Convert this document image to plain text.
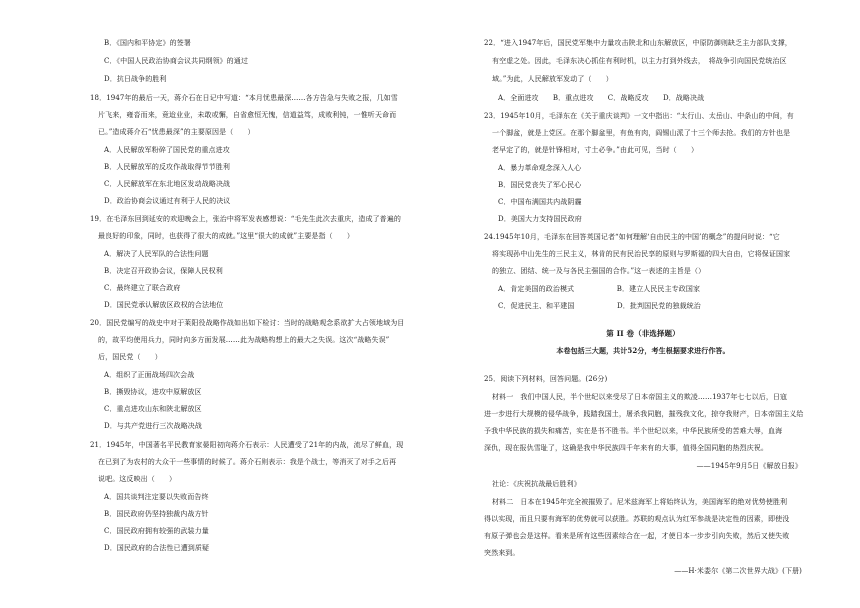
B．《国内和平协定》的签署
C．《中国人民政治协商会议共同纲领》的通过
D．抗日战争的胜利
18．1947年的最后一天，蒋介石在日记中写道：“本月忧患最深……各方告急与失败之报，几如雪
片飞来，雍沓而来，竟迨业业，未敢或懈，自省愈恒无愧，信道益笃，成败利钝，一惟听天命而
已。”造成蒋介石“忧患最深”的主要原因是（　　）
A．人民解放军粉碎了国民党的重点进攻
B．人民解放军的反攻作战取得节节胜利
C．人民解放军在东北地区发动战略决战
D．政治协商会议通过有利于人民的决议
19．在毛泽东回到延安的欢迎晚会上，张治中将军发表感想说：“毛先生此次去重庆，造成了普遍的
最良好的印象，同时，也获得了很大的成就。”这里“很大的成就”主要是指（　　）
A．解决了人民军队的合法性问题
B．决定召开政协会议，保障人民权利
C．最终建立了联合政府
D．国民党承认解放区政权的合法地位
20．国民党编写的战史中对于莱阳役战略作战如出如下检讨：当时的战略观念系欲扩大占领地域为目
的，故平均使用兵力，同时向多方面发展……此为战略构想上的最大之失误。这次“战略失误”
后，国民党（　　）
A．组织了正面战场四次会战
B．撕毁协议，进攻中原解放区
C．重点进攻山东和陕北解放区
D．与共产党进行三次战略决战
21．1945年，中国著名平民教育家晏阳初向蒋介石表示：人民遭受了21年的内战，流尽了鲜血，现
在已到了为农村的大众干一些事情的时候了。蒋介石则表示：我是个战士，等消灭了对手之后再
说吧。这反映出（　　）
A．国共谈判注定要以失败而告终
B．国民政府仍坚持独裁内战方针
C．国民政府拥有较强的武装力量
D．国民政府的合法性已遭到质疑
第 II 卷（非选择题）
本卷包括三大题，共计52分，考生根据要求进行作答。
——1945年9月5日《解放日报》
——H·米娄尔《第二次世界大战》(下册)
22．“进入1947年后，国民党军集中力量攻击陕北和山东解放区，中原防御则缺乏主力部队支撑，
有空虚之处。因此，毛泽东决心抓住有利时机，以主力打到外线去，　将战争引向国民党统治区
域。”为此，人民解放军发动了（　　）
A．全面进攻　　B．重点进攻　　C．战略反攻　　D．战略决战
23．1945年10月，毛泽东在《关于重庆谈判》一文中指出：“太行山、太岳山、中条山的中间，有
一个脚盆，就是上党区。在那个脚盆里，有鱼有肉，阎锡山派了十三个师去抢。我们的方针也是
老早定了的，就是针锋相对，寸土必争。”由此可见，当时（　　）
A．暴力革命观念深入人心
B．国民党丧失了军心民心
C．中国布满国共内战阴霾
D．美国大力支持国民政府
24.1945年10月，毛泽东在回答英国记者“如何理解‘自由民主的中国’的概念”的提问时说：“它
将实现孙中山先生的三民主义，林肯的民有民治民享的原则与罗斯福的四大自由，它将保证国家
的独立、团结、统一及与各民主强国的合作。”这一表述的主旨是（）
A．肯定美国的政治模式　　　　　　B．建立人民民主专政国家
C．促进民主、和平建国　　　　　　D．批判国民党的独裁统治
25．阅读下列材料，回答问题。(26分)
材料一　我们中国人民，半个世纪以来受尽了日本帝国主义的欺凌……1937年七七以后，日寇
进一步进行大规模的侵华战争，践踏我国土，屠杀我同胞，摧残我文化，掠夺我财产，日本帝国主义给
予我中华民族的损失和痛苦，实在是书不胜书。半个世纪以来，中华民族所受的苦难大辱，血海
深仇，现在报仇雪耻了，这确是我中华民族四千年来有的大事，值得全国同胞的热烈庆祝。
社论：《庆祝抗战最后胜利》
材料二　日本在1945年完全被摧毁了。尼米兹海军上将始终认为，美国海军的绝对优势使胜利
得以实现，而且只要有海军的优势就可以获胜。苏联的观点认为红军参战是决定性的因素，即使没
有原子弹也会是这样。看来是所有这些因素综合在一起，才使日本一步步引向失败，然后又使失败
突然来到。
